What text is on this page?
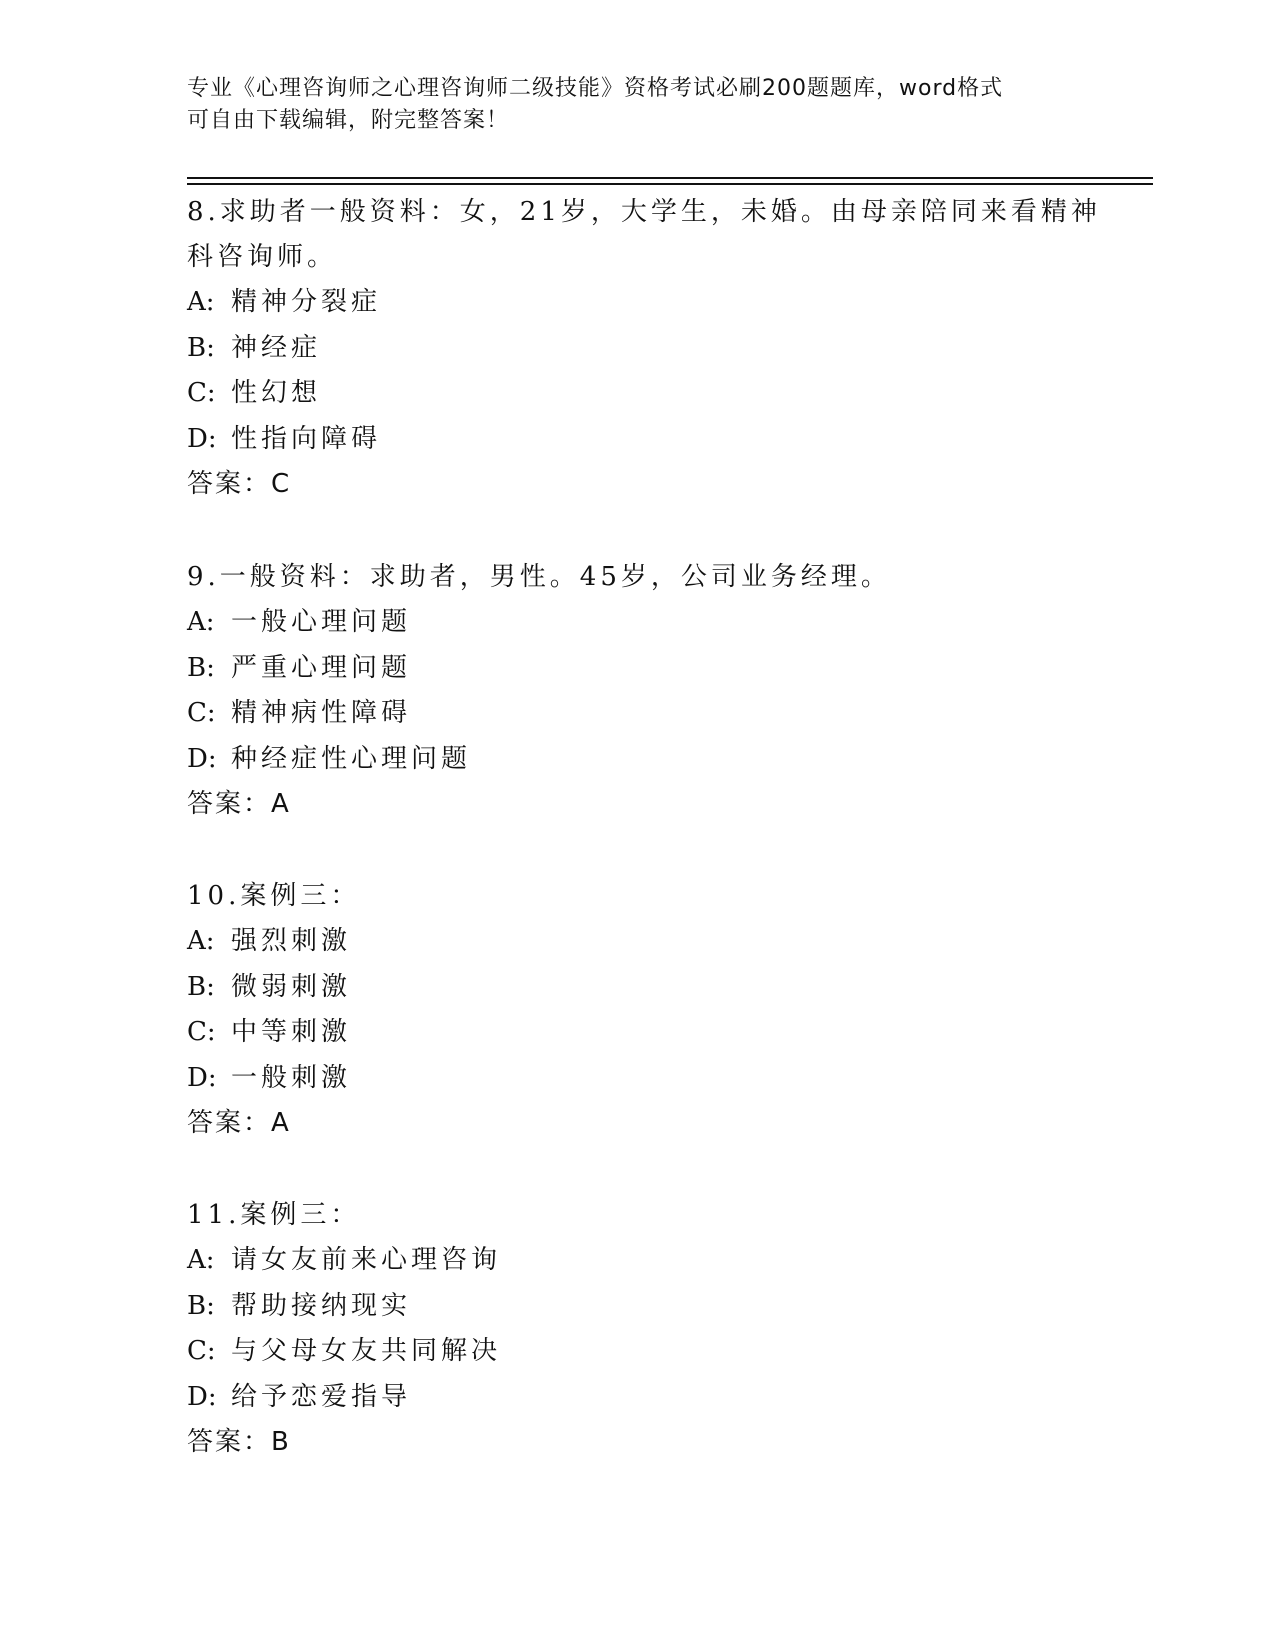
专业《心理咨询师之心理咨询师二级技能》资格考试必刷200题题库，word格式

可自由下载编辑，附完整答案！

8.求助者一般资料：女，21岁，大学生，未婚。由母亲陪同来看精神

科咨询师。

A: 精神分裂症

B: 神经症

C: 性幻想

D: 性指向障碍

答案：C

9.一般资料：求助者，男性。45岁，公司业务经理。

A: 一般心理问题

B: 严重心理问题

C: 精神病性障碍

D: 种经症性心理问题

答案：A

10.案例三：

A: 强烈刺激

B: 微弱刺激

C: 中等刺激

D: 一般刺激

答案：A

11.案例三：

A: 请女友前来心理咨询

B: 帮助接纳现实

C: 与父母女友共同解决

D: 给予恋爱指导

答案：B
